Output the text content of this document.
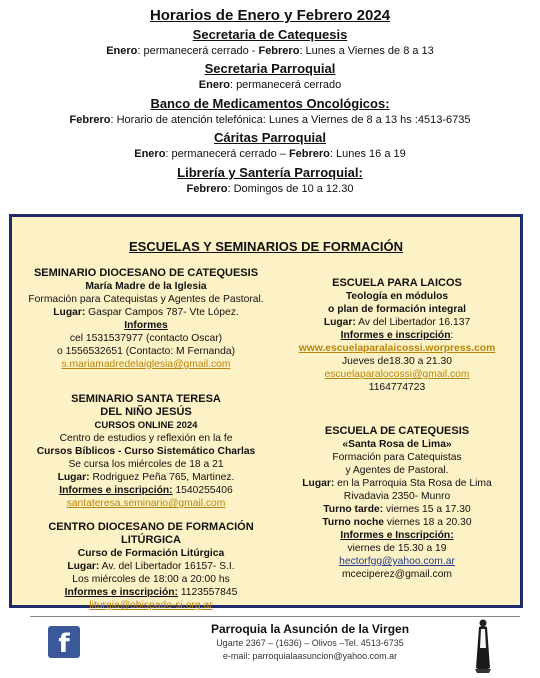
Horarios de Enero y Febrero 2024
Secretaria de Catequesis
Enero: permanecerá cerrado - Febrero: Lunes a Viernes de 8 a 13
Secretaria Parroquial
Enero: permanecerá cerrado
Banco de Medicamentos Oncológicos:
Febrero: Horario de atención telefónica: Lunes a Viernes de 8 a 13 hs :4513-6735
Cáritas Parroquial
Enero: permanecerá cerrado – Febrero: Lunes 16 a 19
Librería y Santería Parroquial:
Febrero: Domingos de 10 a 12.30
ESCUELAS Y SEMINARIOS DE FORMACIÓN
SEMINARIO DIOCESANO DE CATEQUESIS
María Madre de la Iglesia
Formación para Catequistas y Agentes de Pastoral.
Lugar: Gaspar Campos 787- Vte López.
Informes
cel 1531537977 (contacto Oscar)
o 1556532651 (Contacto: M Fernanda)
s.mariamadredelaiglesia@gmail.com
SEMINARIO SANTA TERESA
DEL NIÑO JESÚS
CURSOS ONLINE 2024
Centro de estudios y reflexión en la fe
Cursos Bíblicos - Curso Sistemático Charlas
Se cursa los miércoles de 18 a 21
Lugar: Rodriguez Peña 765, Martinez.
Informes e inscripción: 1540255406
santateresa.seminario@gmail.com
CENTRO DIOCESANO DE FORMACIÓN LITÚRGICA
Curso de Formación Litúrgica
Lugar: Av. del Libertador 16157- S.I.
Los miércoles de 18:00 a 20:00 hs
Informes e inscripción: 1123557845
liturgia@obispado-si.org.ar
ESCUELA PARA LAICOS
Teología en módulos
o plan de formación integral
Lugar: Av del Libertador 16.137
Informes e inscripción:
www.escuelaparalaicossi.worpress.com
Jueves de18.30 a 21.30
escuelaparalocossi@gmail.com
1164774723
ESCUELA DE CATEQUESIS
«Santa Rosa de Lima»
Formación para Catequistas
y Agentes de Pastoral.
Lugar: en la Parroquia Sta Rosa de Lima
Rivadavia 2350- Munro
Turno tarde: viernes 15 a 17.30
Turno noche viernes 18 a 20.30
Informes e Inscripción:
viernes de 15.30 a 19
hectorfgg@yahoo.com.ar
mceciperez@gmail.com
f	Parroquia la Asunción de la Virgen
Ugarte 2367 – (1636) – Olivos –Tel. 4513-6735
e-mail: parroquialaasuncion@yahoo.com.ar
